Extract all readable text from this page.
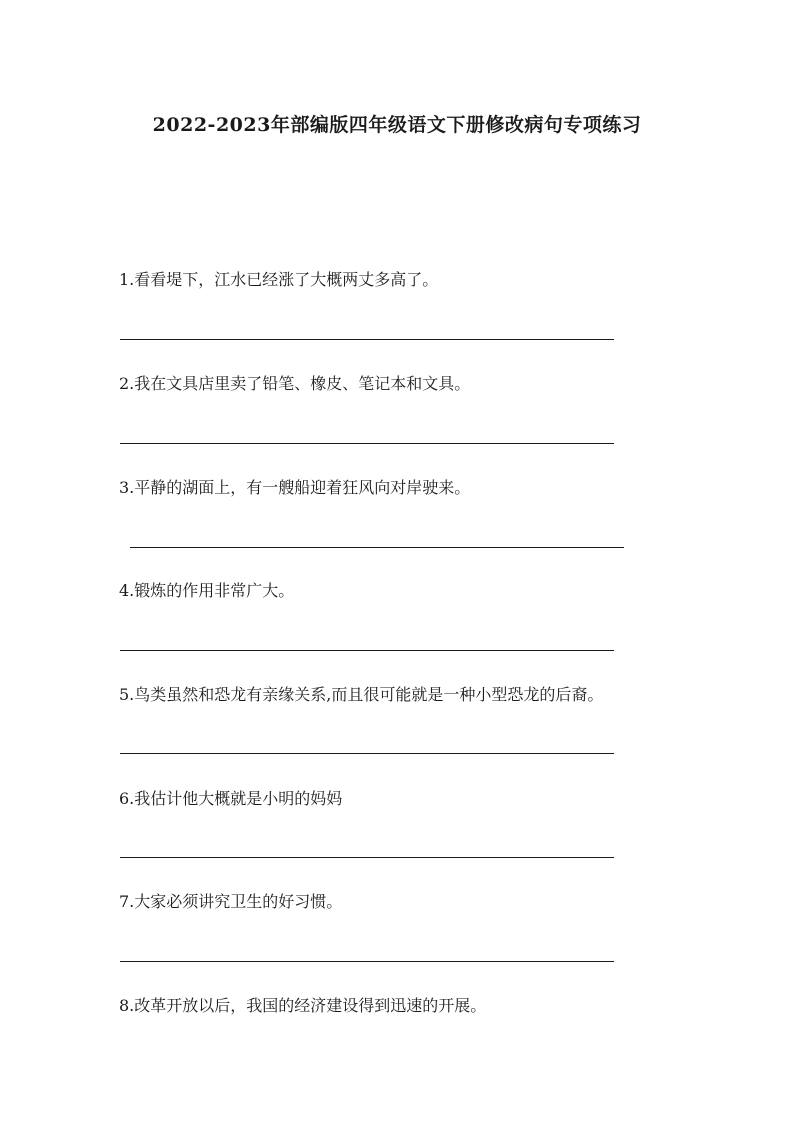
2022-2023年部编版四年级语文下册修改病句专项练习
1.看看堤下，江水已经涨了大概两丈多高了。
2.我在文具店里卖了铅笔、橡皮、笔记本和文具。
3.平静的湖面上，有一艘船迎着狂风向对岸驶来。
4.锻炼的作用非常广大。
5.鸟类虽然和恐龙有亲缘关系,而且很可能就是一种小型恐龙的后裔。
6.我估计他大概就是小明的妈妈
7.大家必须讲究卫生的好习惯。
8.改革开放以后，我国的经济建设得到迅速的开展。
